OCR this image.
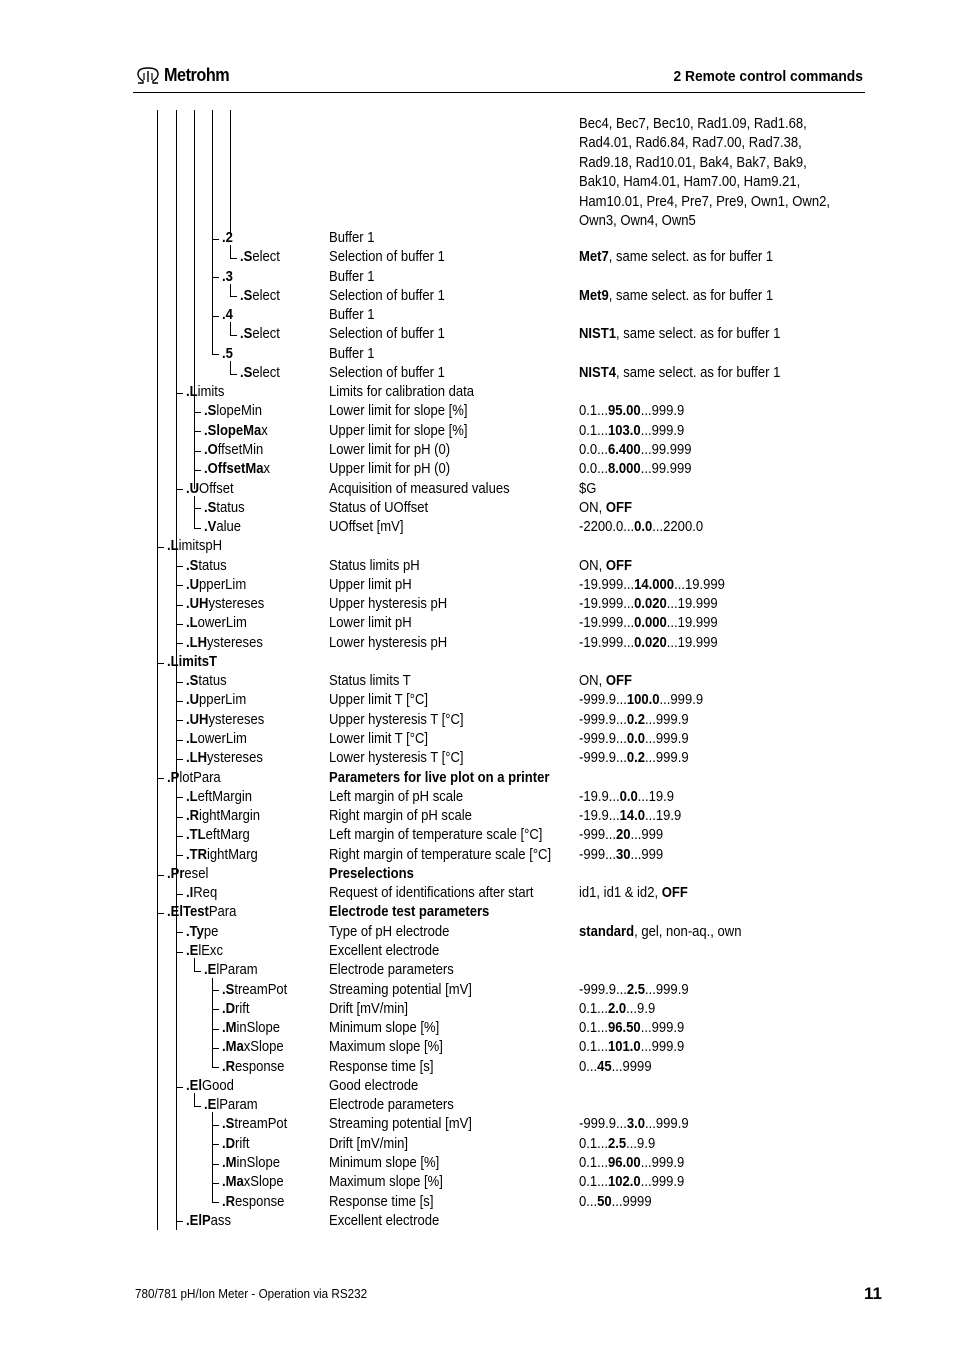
Metrohm	2 Remote control commands
Bec4, Bec7, Bec10, Rad1.09, Rad1.68,
Rad4.01, Rad6.84, Rad7.00, Rad7.38,
Rad9.18, Rad10.01, Bak4, Bak7, Bak9,
Bak10, Ham4.01, Ham7.00, Ham9.21,
Ham10.01, Pre4, Pre7, Pre9, Own1, Own2,
Own3, Own4, Own5
.2	Buffer 1
.Select	Selection of buffer 1	Met7, same select. as for buffer 1
.3	Buffer 1
.Select	Selection of buffer 1	Met9, same select. as for buffer 1
.4	Buffer 1
.Select	Selection of buffer 1	NIST1, same select. as for buffer 1
.5	Buffer 1
.Select	Selection of buffer 1	NIST4, same select. as for buffer 1
.Limits	Limits for calibration data
.SlopeMin	Lower limit for slope [%]	0.1...95.00...999.9
.SlopeMax	Upper limit for slope [%]	0.1...103.0...999.9
.OffsetMin	Lower limit for pH (0)	0.0...6.400...99.999
.OffsetMax	Upper limit for pH (0)	0.0...8.000...99.999
.UOffset	Acquisition of measured values	$G
.Status	Status of UOffset	ON, OFF
.Value	UOffset [mV]	-2200.0...0.0...2200.0
.LimitspH
.Status	Status limits pH	ON, OFF
.UpperLim	Upper limit pH	-19.999...14.000...19.999
.UHystereses	Upper hysteresis pH	-19.999...0.020...19.999
.LowerLim	Lower limit pH	-19.999...0.000...19.999
.LHystereses	Lower hysteresis pH	-19.999...0.020...19.999
.LimitsT
.Status	Status limits T	ON, OFF
.UpperLim	Upper limit T [°C]	-999.9...100.0...999.9
.UHystereses	Upper hysteresis T [°C]	-999.9...0.2...999.9
.LowerLim	Lower limit T [°C]	-999.9...0.0...999.9
.LHystereses	Lower hysteresis T [°C]	-999.9...0.2...999.9
.PlotPara	Parameters for live plot on a printer
.LeftMargin	Left margin of pH scale	-19.9...0.0...19.9
.RightMargin	Right margin of pH scale	-19.9...14.0...19.9
.TLeftMarg	Left margin of temperature scale [°C]	-999...20...999
.TRightMarg	Right margin of temperature scale [°C] -999...30...999
.Presel	Preselections
.IReq	Request of identifications after start	id1, id1 & id2, OFF
.ElTestPara	Electrode test parameters
.Type	Type of pH electrode	standard, gel, non-aq., own
.ElExc	Excellent electrode
.ElParam	Electrode parameters
.StreamPot	Streaming potential [mV]	-999.9...2.5...999.9
.Drift	Drift [mV/min]	0.1...2.0...9.9
.MinSlope	Minimum slope [%]	0.1...96.50...999.9
.MaxSlope	Maximum slope [%]	0.1...101.0...999.9
.Response	Response time [s]	0...45...9999
.ElGood	Good electrode
.ElParam	Electrode parameters
.StreamPot	Streaming potential [mV]	-999.9...3.0...999.9
.Drift	Drift [mV/min]	0.1...2.5...9.9
.MinSlope	Minimum slope [%]	0.1...96.00...999.9
.MaxSlope	Maximum slope [%]	0.1...102.0...999.9
.Response	Response time [s]	0...50...9999
.ElPass	Excellent electrode
780/781 pH/Ion Meter - Operation via RS232	11
